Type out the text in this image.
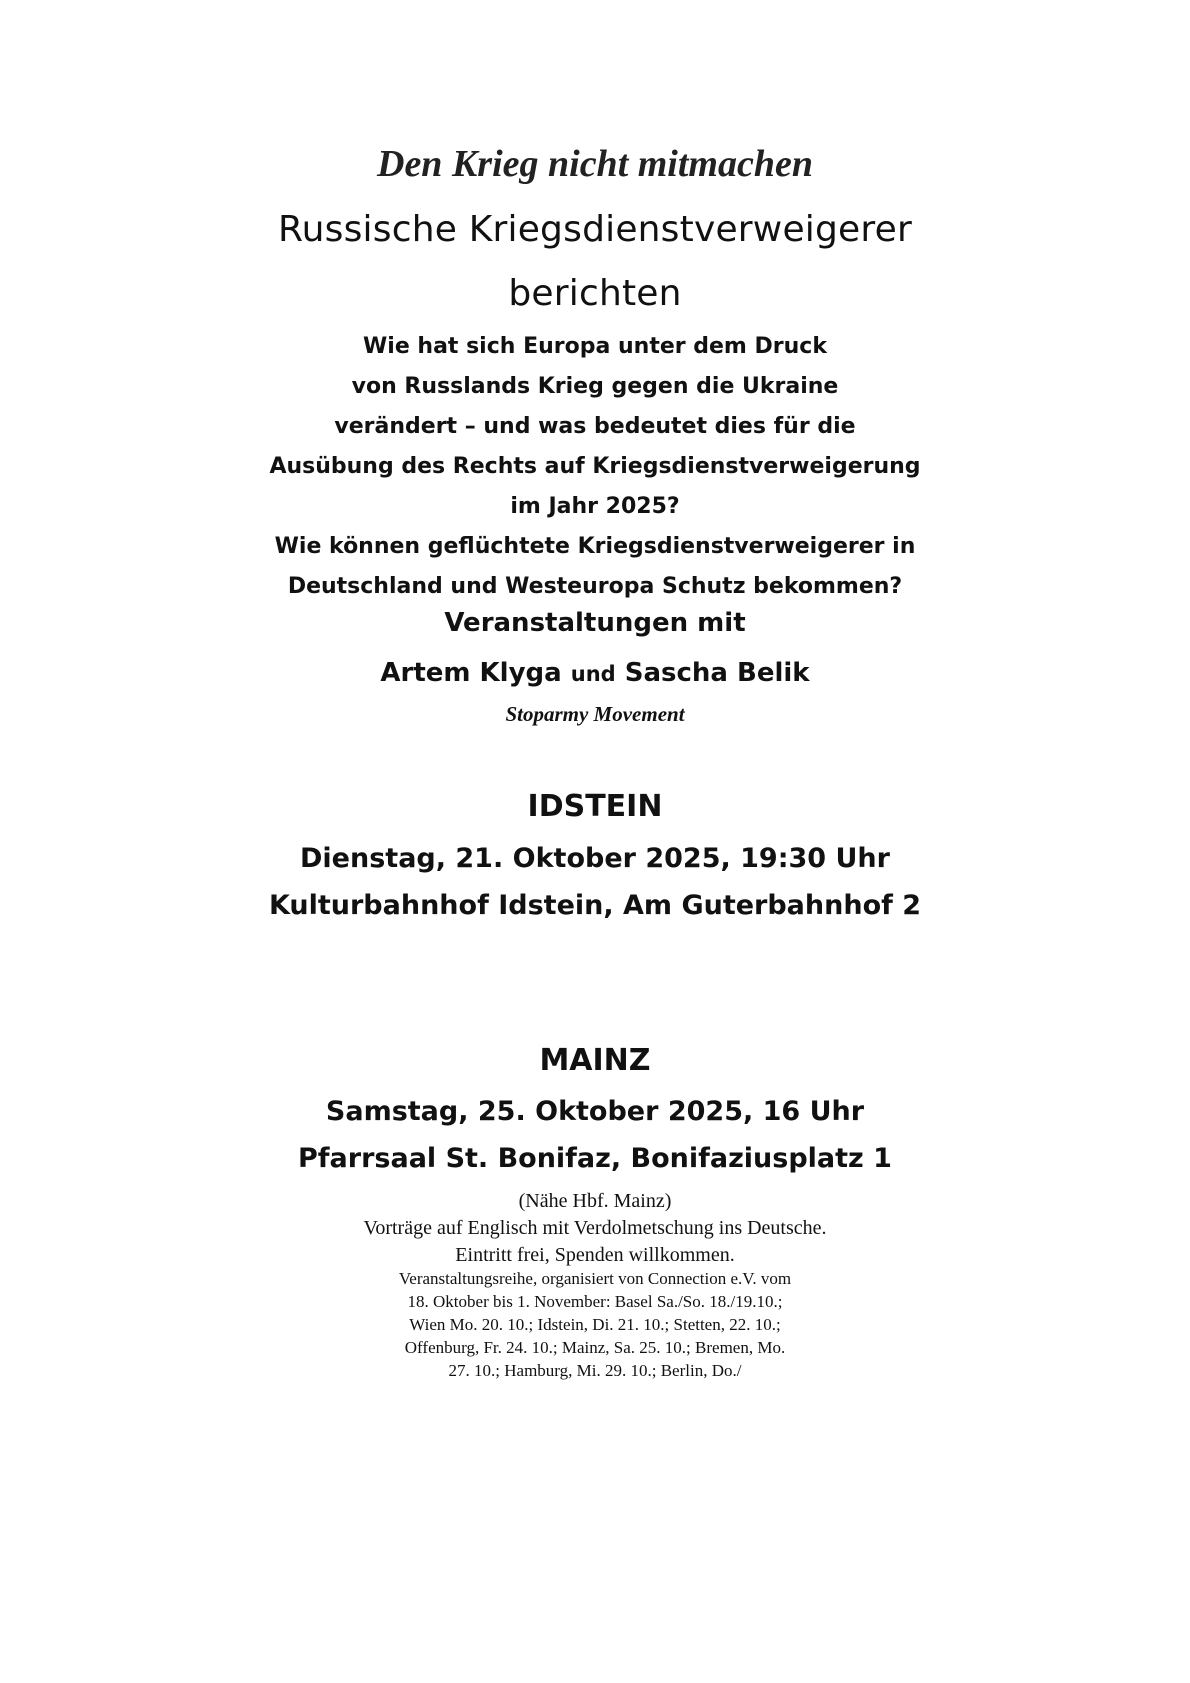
Den Krieg nicht mitmachen
Russische Kriegsdienstverweigerer
berichten
Wie hat sich Europa unter dem Druck
von Russlands Krieg gegen die Ukraine
verändert – und was bedeutet dies für die
Ausübung des Rechts auf Kriegsdienstverweigerung
im Jahr 2025?
Wie können geflüchtete Kriegsdienstverweigerer in
Deutschland und Westeuropa Schutz bekommen?
Veranstaltungen mit
Artem Klyga und Sascha Belik
Stoparmy Movement
IDSTEIN
Dienstag, 21. Oktober 2025, 19:30 Uhr
Kulturbahnhof Idstein, Am Guterbahnhof 2
MAINZ
Samstag, 25. Oktober 2025, 16 Uhr
Pfarrsaal St. Bonifaz, Bonifaziusplatz 1
(Nähe Hbf. Mainz)
Vorträge auf Englisch mit Verdolmetschung ins Deutsche.
Eintritt frei, Spenden willkommen.
Veranstaltungsreihe, organisiert von Connection e.V. vom
18. Oktober bis 1. November: Basel Sa./So. 18./19.10.;
Wien Mo. 20. 10.; Idstein, Di. 21. 10.; Stetten, 22. 10.;
Offenburg, Fr. 24. 10.; Mainz, Sa. 25. 10.; Bremen, Mo.
27. 10.; Hamburg, Mi. 29. 10.; Berlin, Do./
